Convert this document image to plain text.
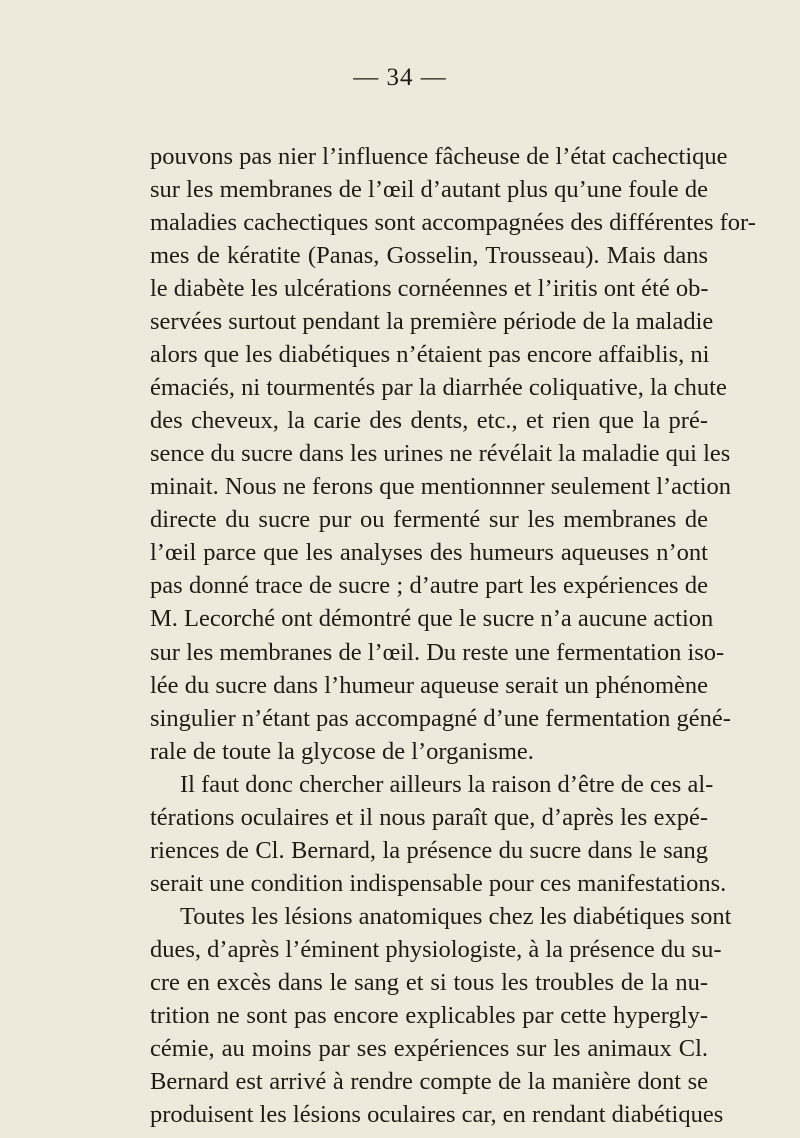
— 34 —
pouvons pas nier l’influence fâcheuse de l’état cachectique
sur les membranes de l’œil d’autant plus qu’une foule de
maladies cachectiques sont accompagnées des différentes for-
mes de kératite (Panas, Gosselin, Trousseau). Mais dans
le diabète les ulcérations cornéennes et l’iritis ont été ob-
servées surtout pendant la première période de la maladie
alors que les diabétiques n’étaient pas encore affaiblis, ni
émaciés, ni tourmentés par la diarrhée coliquative, la chute
des cheveux, la carie des dents, etc., et rien que la pré-
sence du sucre dans les urines ne révélait la maladie qui les
minait. Nous ne ferons que mentionnner seulement l’action
directe du sucre pur ou fermenté sur les membranes de
l’œil parce que les analyses des humeurs aqueuses n’ont
pas donné trace de sucre ; d’autre part les expériences de
M. Lecorché ont démontré que le sucre n’a aucune action
sur les membranes de l’œil. Du reste une fermentation iso-
lée du sucre dans l’humeur aqueuse serait un phénomène
singulier n’étant pas accompagné d’une fermentation géné-
rale de toute la glycose de l’organisme.
Il faut donc chercher ailleurs la raison d’être de ces al-
térations oculaires et il nous paraît que, d’après les expé-
riences de Cl. Bernard, la présence du sucre dans le sang
serait une condition indispensable pour ces manifestations.
Toutes les lésions anatomiques chez les diabétiques sont
dues, d’après l’éminent physiologiste, à la présence du su-
cre en excès dans le sang et si tous les troubles de la nu-
trition ne sont pas encore explicables par cette hypergly-
cémie, au moins par ses expériences sur les animaux Cl.
Bernard est arrivé à rendre compte de la manière dont se
produisent les lésions oculaires car, en rendant diabétiques
